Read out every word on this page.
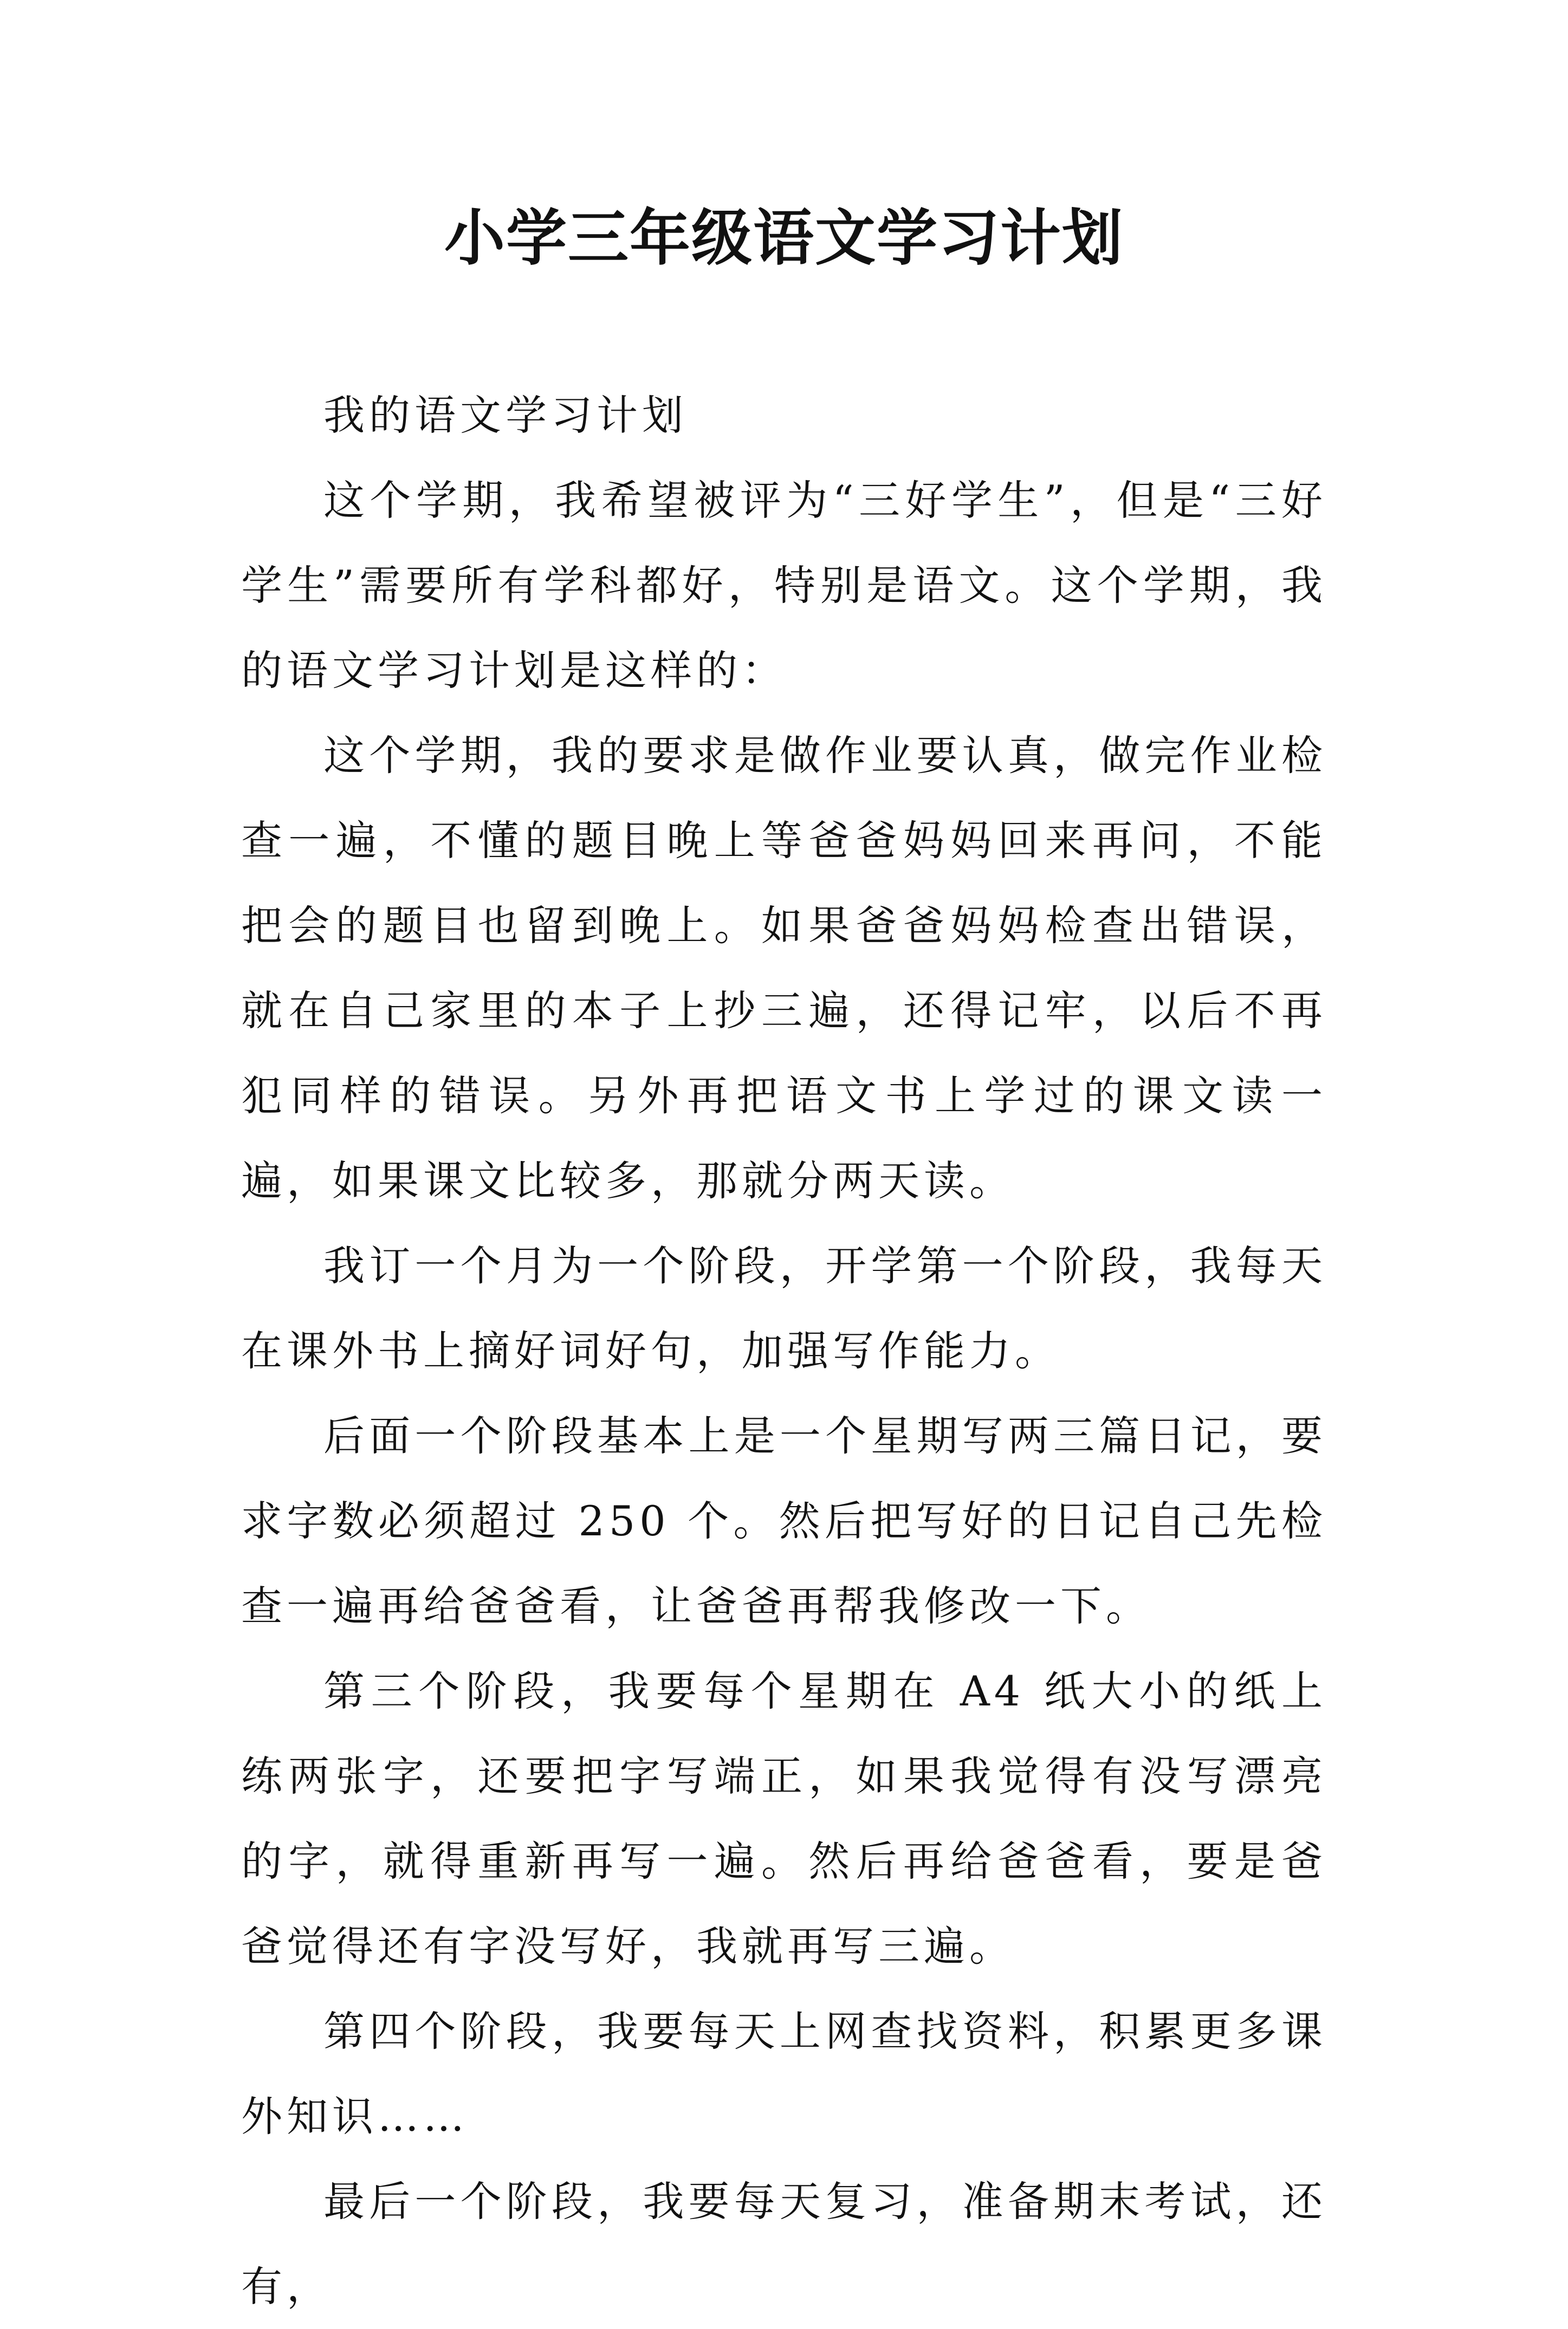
小学三年级语文学习计划

我的语文学习计划

这个学期，我希望被评为“三好学生”，但是“三好学生”需要所有学科都好，特别是语文。这个学期，我的语文学习计划是这样的：

这个学期，我的要求是做作业要认真，做完作业检查一遍，不懂的题目晚上等爸爸妈妈回来再问，不能把会的题目也留到晚上。如果爸爸妈妈检查出错误，就在自己家里的本子上抄三遍，还得记牢，以后不再犯同样的错误。另外再把语文书上学过的课文读一遍，如果课文比较多，那就分两天读。

我订一个月为一个阶段，开学第一个阶段，我每天在课外书上摘好词好句，加强写作能力。

后面一个阶段基本上是一个星期写两三篇日记，要求字数必须超过 250 个。然后把写好的日记自己先检查一遍再给爸爸看，让爸爸再帮我修改一下。

第三个阶段，我要每个星期在 A4 纸大小的纸上练两张字，还要把字写端正，如果我觉得有没写漂亮的字，就得重新再写一遍。然后再给爸爸看，要是爸爸觉得还有字没写好，我就再写三遍。

第四个阶段，我要每天上网查找资料，积累更多课外知识……

最后一个阶段，我要每天复习，准备期末考试，还有，
